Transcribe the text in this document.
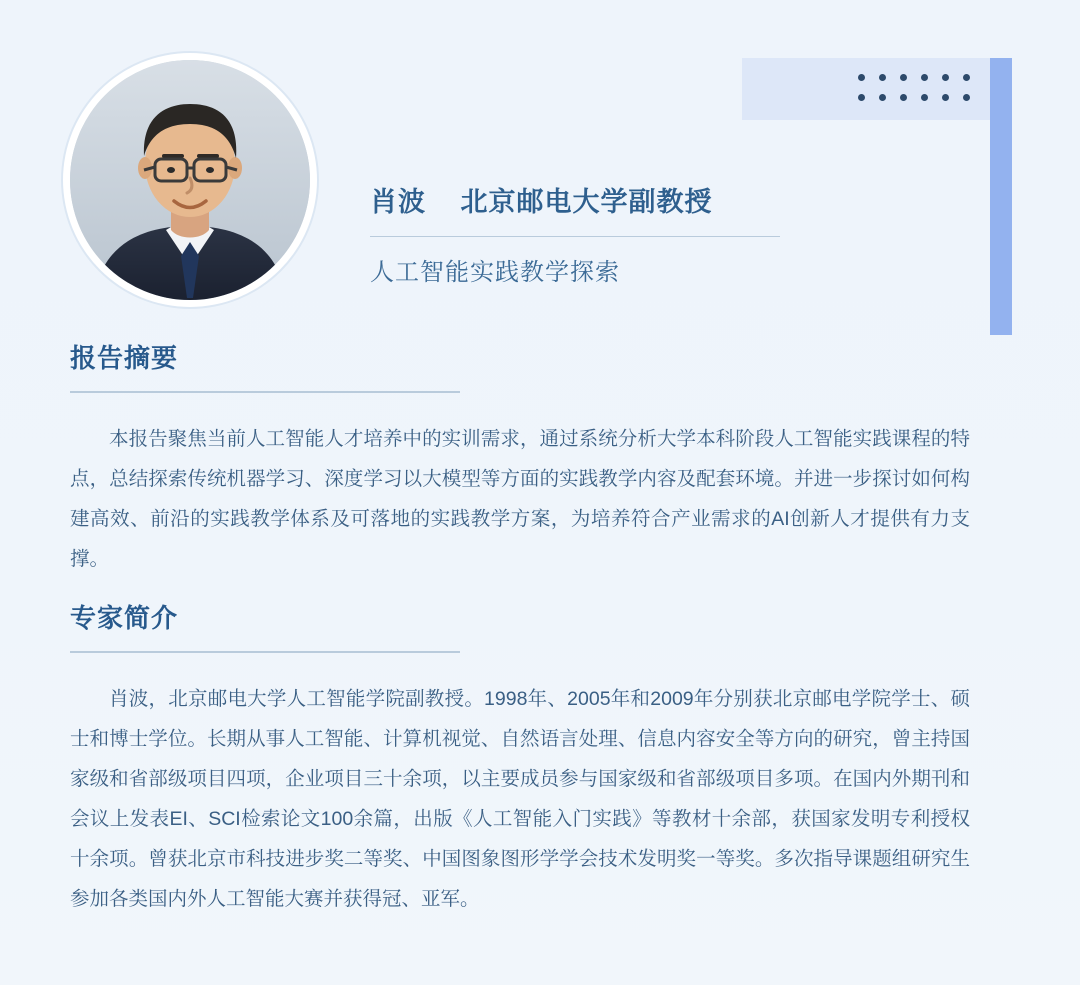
肖波 北京邮电大学副教授
人工智能实践教学探索
报告摘要
本报告聚焦当前人工智能人才培养中的实训需求，通过系统分析大学本科阶段人工智能实践课程的特点，总结探索传统机器学习、深度学习以大模型等方面的实践教学内容及配套环境。并进一步探讨如何构建高效、前沿的实践教学体系及可落地的实践教学方案，为培养符合产业需求的AI创新人才提供有力支撑。
专家简介
肖波，北京邮电大学人工智能学院副教授。1998年、2005年和2009年分别获北京邮电学院学士、硕士和博士学位。长期从事人工智能、计算机视觉、自然语言处理、信息内容安全等方向的研究，曾主持国家级和省部级项目四项，企业项目三十余项，以主要成员参与国家级和省部级项目多项。在国内外期刊和会议上发表EI、SCI检索论文100余篇，出版《人工智能入门实践》等教材十余部，获国家发明专利授权十余项。曾获北京市科技进步奖二等奖、中国图象图形学学会技术发明奖一等奖。多次指导课题组研究生参加各类国内外人工智能大赛并获得冠、亚军。
